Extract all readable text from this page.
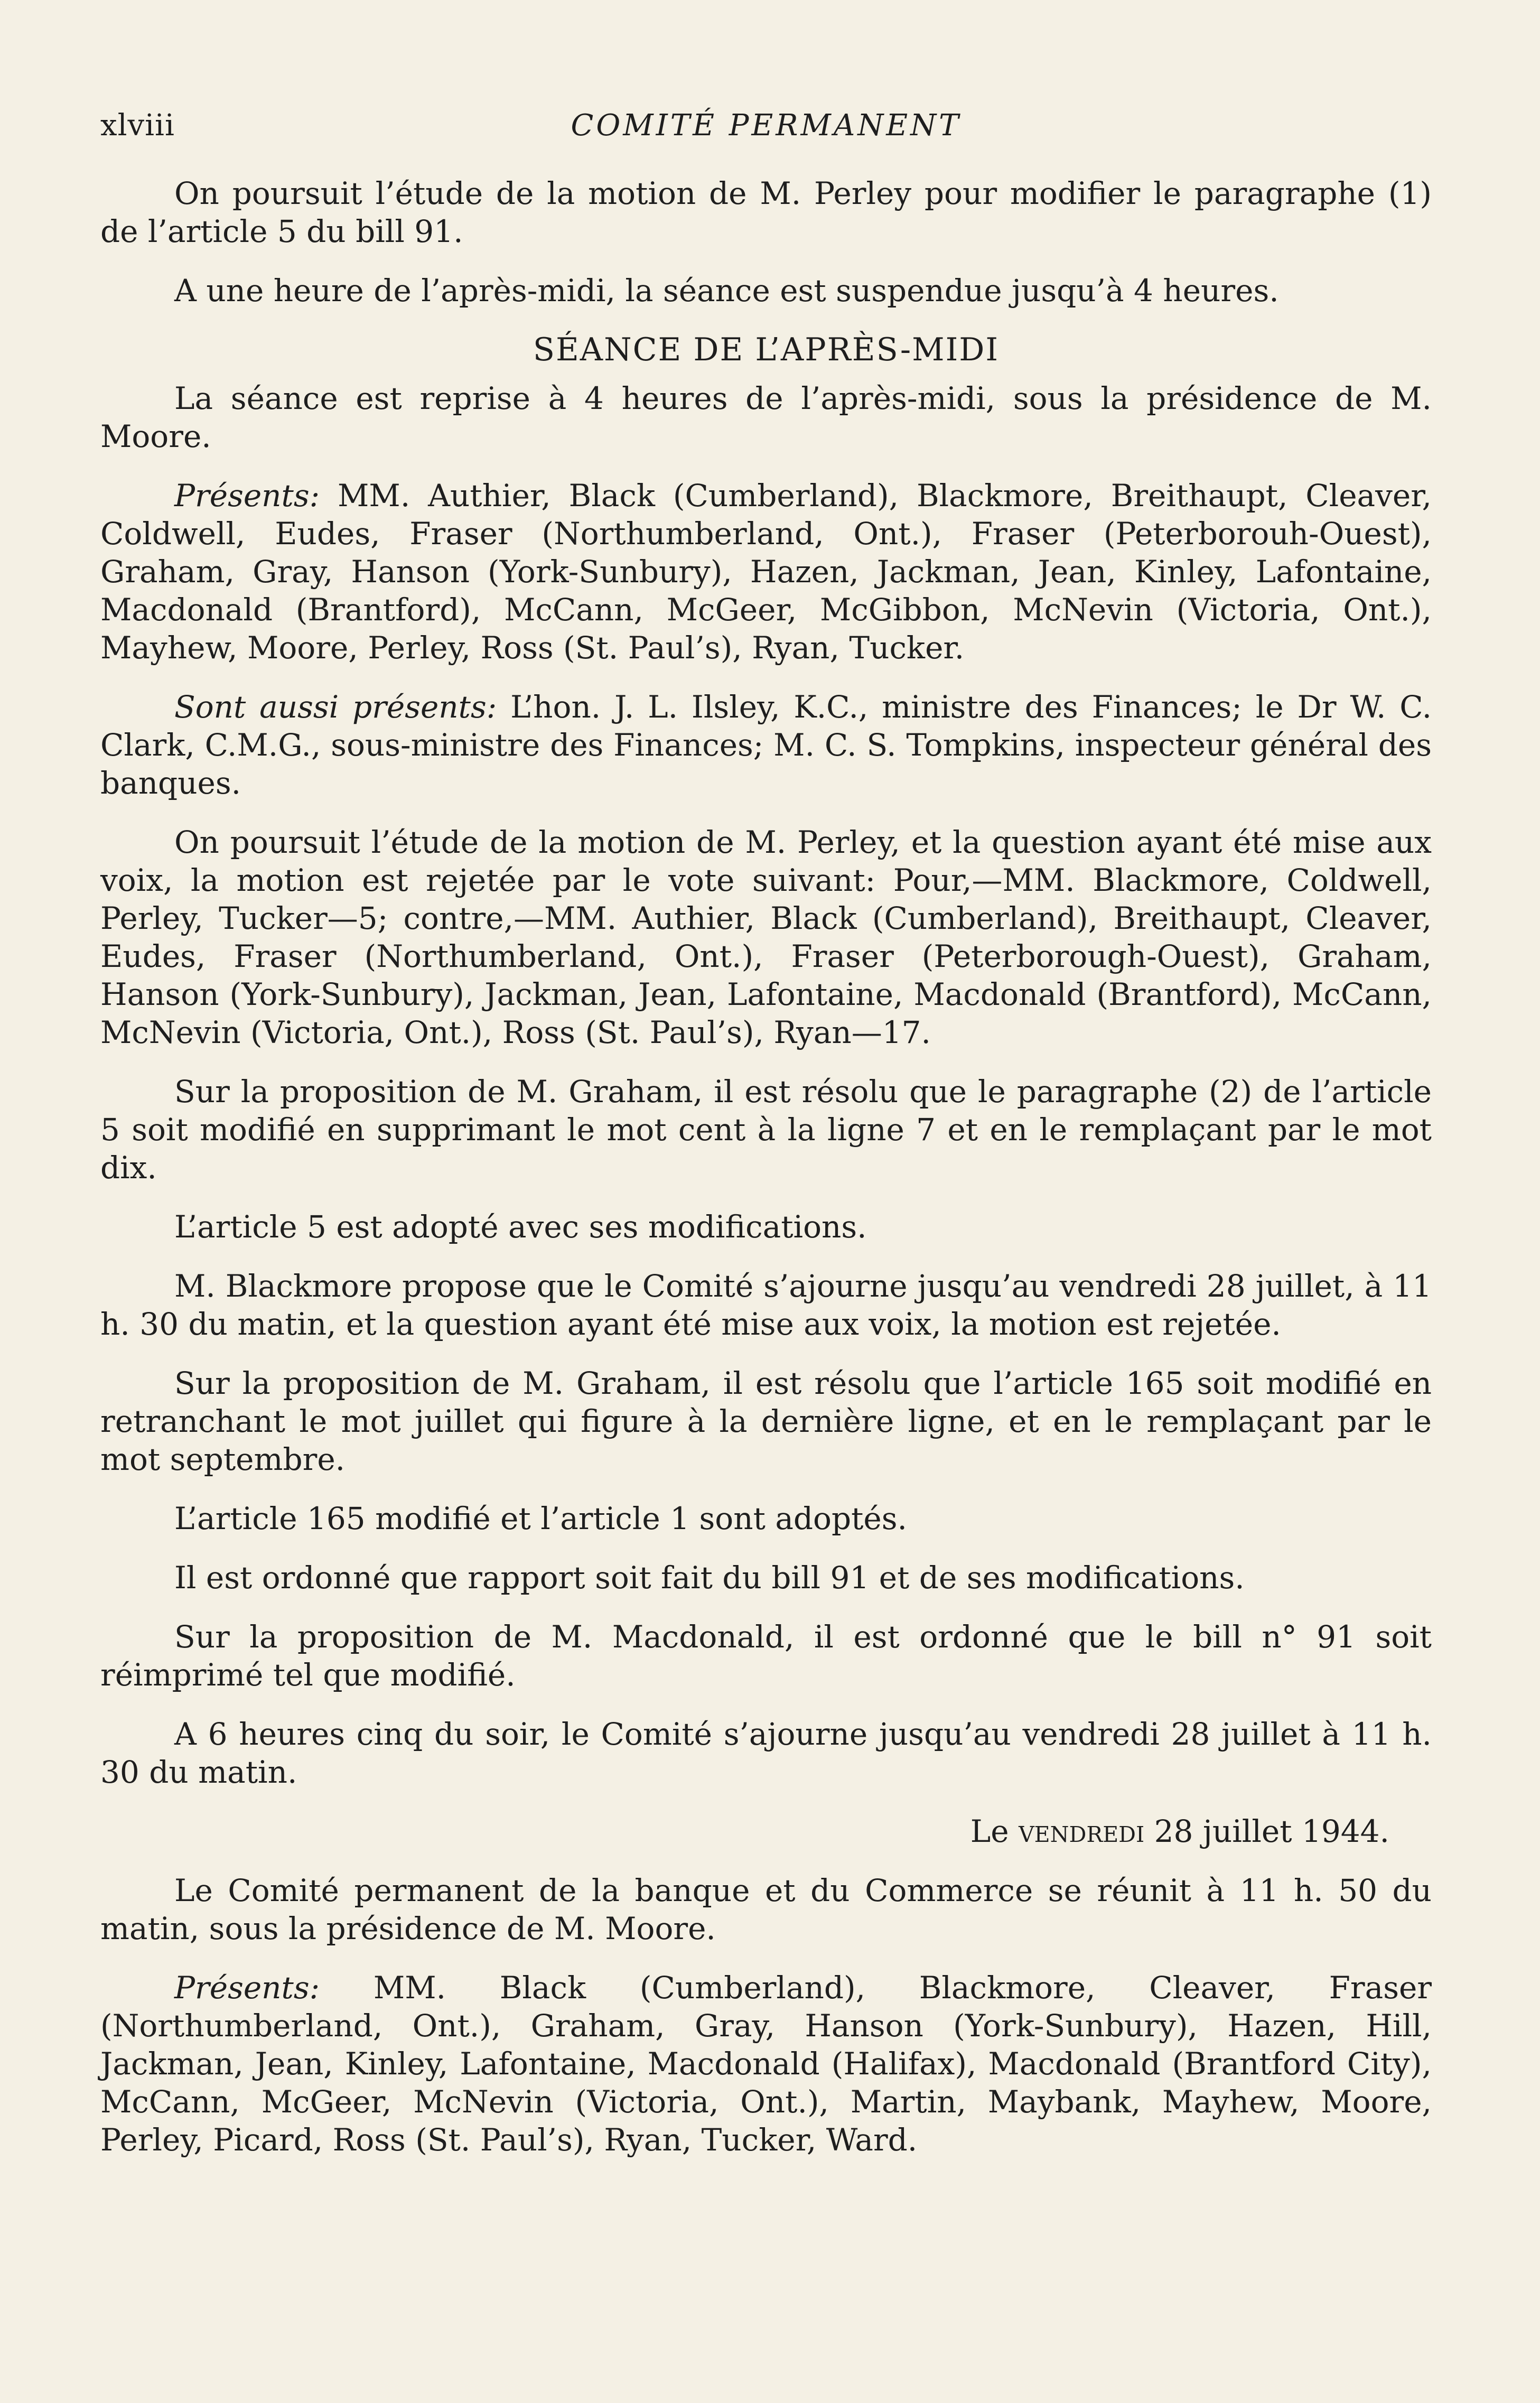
xlviii	COMITÉ PERMANENT

On poursuit l’étude de la motion de M. Perley pour modifier le paragraphe (1) de l’article 5 du bill 91.

A une heure de l’après-midi, la séance est suspendue jusqu’à 4 heures.

SÉANCE DE L’APRÈS-MIDI

La séance est reprise à 4 heures de l’après-midi, sous la présidence de M. Moore.

Présents: MM. Authier, Black (Cumberland), Blackmore, Breithaupt, Cleaver, Coldwell, Eudes, Fraser (Northumberland, Ont.), Fraser (Peterborouh-Ouest), Graham, Gray, Hanson (York-Sunbury), Hazen, Jackman, Jean, Kinley, Lafontaine, Macdonald (Brantford), McCann, McGeer, McGibbon, McNevin (Victoria, Ont.), Mayhew, Moore, Perley, Ross (St. Paul’s), Ryan, Tucker.

Sont aussi présents: L’hon. J. L. Ilsley, K.C., ministre des Finances; le Dr W. C. Clark, C.M.G., sous-ministre des Finances; M. C. S. Tompkins, inspecteur général des banques.

On poursuit l’étude de la motion de M. Perley, et la question ayant été mise aux voix, la motion est rejetée par le vote suivant: Pour,—MM. Blackmore, Coldwell, Perley, Tucker—5; contre,—MM. Authier, Black (Cumberland), Breithaupt, Cleaver, Eudes, Fraser (Northumberland, Ont.), Fraser (Peterborough-Ouest), Graham, Hanson (York-Sunbury), Jackman, Jean, Lafontaine, Macdonald (Brantford), McCann, McNevin (Victoria, Ont.), Ross (St. Paul’s), Ryan—17.

Sur la proposition de M. Graham, il est résolu que le paragraphe (2) de l’article 5 soit modifié en supprimant le mot cent à la ligne 7 et en le remplaçant par le mot dix.

L’article 5 est adopté avec ses modifications.

M. Blackmore propose que le Comité s’ajourne jusqu’au vendredi 28 juillet, à 11 h. 30 du matin, et la question ayant été mise aux voix, la motion est rejetée.

Sur la proposition de M. Graham, il est résolu que l’article 165 soit modifié en retranchant le mot juillet qui figure à la dernière ligne, et en le remplaçant par le mot septembre.

L’article 165 modifié et l’article 1 sont adoptés.

Il est ordonné que rapport soit fait du bill 91 et de ses modifications.

Sur la proposition de M. Macdonald, il est ordonné que le bill n° 91 soit réimprimé tel que modifié.

A 6 heures cinq du soir, le Comité s’ajourne jusqu’au vendredi 28 juillet à 11 h. 30 du matin.

Le vendredi 28 juillet 1944.

Le Comité permanent de la banque et du Commerce se réunit à 11 h. 50 du matin, sous la présidence de M. Moore.

Présents: MM. Black (Cumberland), Blackmore, Cleaver, Fraser (Northumberland, Ont.), Graham, Gray, Hanson (York-Sunbury), Hazen, Hill, Jackman, Jean, Kinley, Lafontaine, Macdonald (Halifax), Macdonald (Brantford City), McCann, McGeer, McNevin (Victoria, Ont.), Martin, Maybank, Mayhew, Moore, Perley, Picard, Ross (St. Paul’s), Ryan, Tucker, Ward.
